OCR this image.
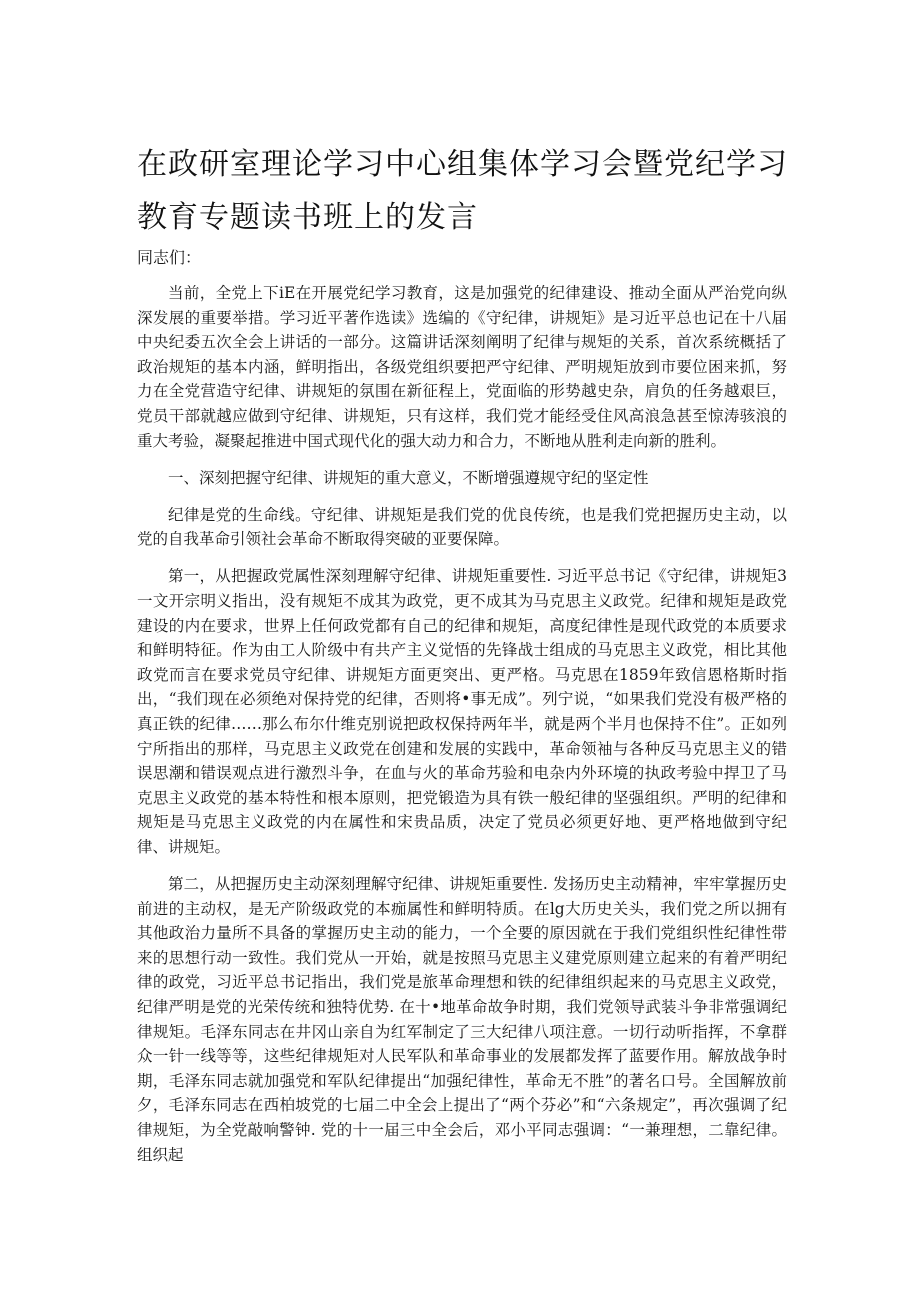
在政研室理论学习中心组集体学习会暨党纪学习教育专题读书班上的发言

同志们：

当前，全党上下iE在开展党纪学习教育，这是加强党的纪律建设、推动全面从严治党向纵深发展的重要举措。学习近平著作选读》选编的《守纪律，讲规矩》是习近平总也记在十八届中央纪委五次全会上讲话的一部分。这篇讲话深刻阐明了纪律与规矩的关系，首次系统概括了政治规矩的基本内涵，鲜明指出，各级党组织要把严守纪律、严明规矩放到市要位困来抓，努力在全党营造守纪律、讲规矩的氛围在新征程上，党面临的形势越史杂，肩负的任务越艰巨，党员干部就越应做到守纪律、讲规矩，只有这样，我们党才能经受住风高浪急甚至惊涛骇浪的重大考验，凝聚起推进中国式现代化的强大动力和合力，不断地从胜利走向新的胜利。

一、深刻把握守纪律、讲规矩的重大意义，不断增强遵规守纪的坚定性

纪律是党的生命线。守纪律、讲规矩是我们党的优良传统，也是我们党把握历史主动，以党的自我革命引领社会革命不断取得突破的亚要保障。

第一，从把握政党属性深刻理解守纪律、讲规矩重要性. 习近平总书记《守纪律，讲规矩3一文开宗明义指出，没有规矩不成其为政党，更不成其为马克思主义政党。纪律和规矩是政党建设的内在要求，世界上任何政党都有自己的纪律和规矩，高度纪律性是现代政党的本质要求和鲜明特征。作为由工人阶级中有共产主义觉悟的先锋战士组成的马克思主义政党，相比其他政党而言在要求党员守纪律、讲规矩方面更突出、更严格。马克思在1859年致信恩格斯时指出，“我们现在必须绝对保持党的纪律，否则将•事无成”。列宁说，“如果我们党没有极严格的真正铁的纪律……那么布尔什维克别说把政权保持两年半，就是两个半月也保持不住”。正如列宁所指出的那样，马克思主义政党在创建和发展的实践中，革命领袖与各种反马克思主义的错误思潮和错误观点进行激烈斗争，在血与火的革命艿验和电杂内外环境的执政考验中捍卫了马克思主义政党的基本特性和根本原则，把党锻造为具有铁一般纪律的坚强组织。严明的纪律和规矩是马克思主义政党的内在属性和宋贵品质，决定了党员必须更好地、更严格地做到守纪律、讲规矩。

第二，从把握历史主动深刻理解守纪律、讲规矩重要性. 发扬历史主动精神，牢牢掌握历史前进的主动权，是无产阶级政党的本痂属性和鲜明特质。在lg大历史关头，我们党之所以拥有其他政治力量所不具备的掌握历史主动的能力，一个全要的原因就在于我们党组织性纪律性带来的思想行动一致性。我们党从一开始，就是按照马克思主义建党原则建立起来的有着严明纪律的政党，习近平总书记指出，我们党是旅革命理想和铁的纪律组织起来的马克思主义政党，纪律严明是党的光荣传统和独特优势. 在十•地革命故争时期，我们党领导武装斗争非常强调纪律规矩。毛泽东同志在井冈山亲自为红军制定了三大纪律八项注意。一切行动听指挥，不拿群众一针一线等等，这些纪律规矩对人民军队和革命事业的发展都发挥了蓝要作用。解放战争时期，毛泽东同志就加强党和军队纪律提出“加强纪律性，革命无不胜”的著名口号。全国解放前夕，毛泽东同志在西柏坡党的七届二中全会上提出了“两个芬必”和“六条规定”，再次强调了纪律规矩，为全党敲响警钟. 党的十一届三中全会后，邓小平同志强调：“一兼理想，二靠纪律。组织起
